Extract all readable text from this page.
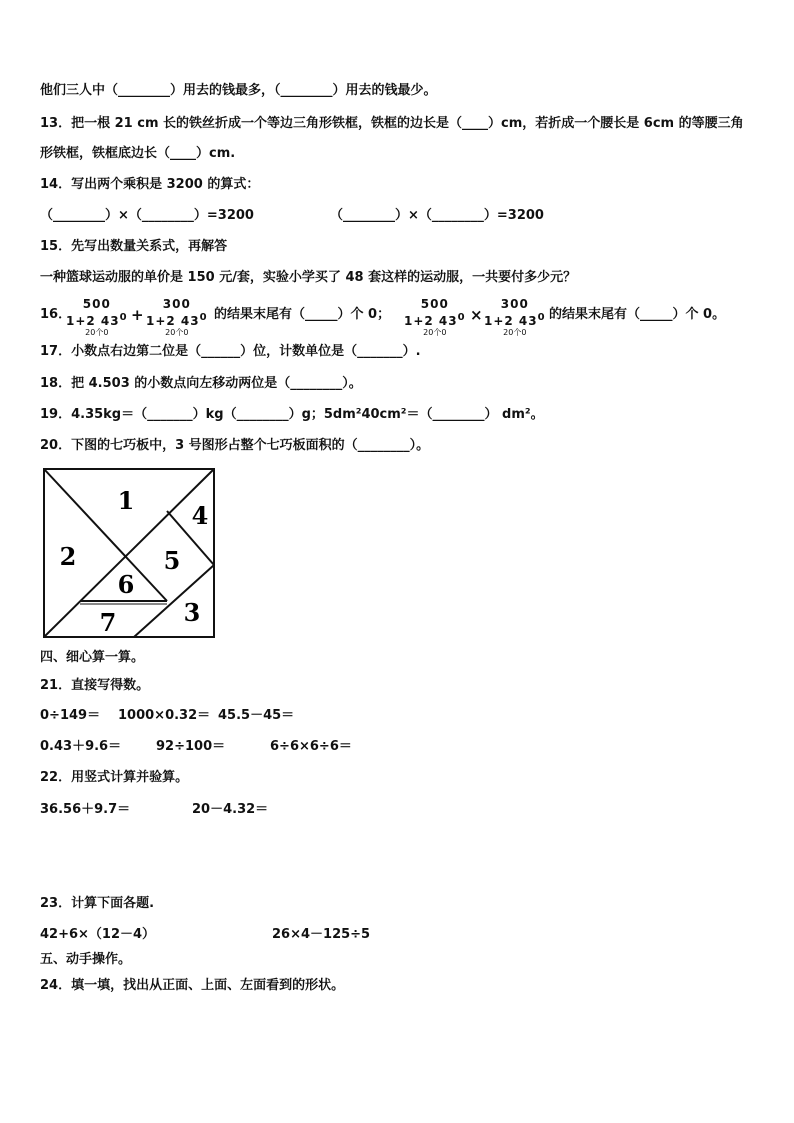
他们三人中（________）用去的钱最多，（________）用去的钱最少。
13．把一根 21 cm 长的铁丝折成一个等边三角形铁框，铁框的边长是（____）cm，若折成一个腰长是 6cm 的等腰三角
形铁框，铁框底边长（____）cm.
14．写出两个乘积是 3200 的算式：
（________）×（________）=3200	（________）×（________）=3200
15．先写出数量关系式，再解答
一种篮球运动服的单价是 150 元/套，实验小学买了 48 套这样的运动服，一共要付多少元？
16．
500
1+2 $43^0$
20个0
+
300
1+2 $43^0$
20个0
的结果末尾有（_____）个 0；
500
1+2 $43^0$
20个0
×
300
1+2 $43^0$
20个0
的结果末尾有（_____）个 0。
17．小数点右边第二位是（______）位，计数单位是（_______）.
18．把 4.503 的小数点向左移动两位是（________）。
19．4.35kg＝（_______）kg（________）g；5dm²40cm²＝（________） dm²。
20．下图的七巧板中，3 号图形占整个七巧板面积的（________）。
1
2
3
4
5
6
7
四、细心算一算。
21．直接写得数。
0÷149＝ 1000×0.32＝ 45.5－45＝
0.43＋9.6＝	92÷100＝	6÷6×6÷6＝
22．用竖式计算并验算。
36.56＋9.7＝	20－4.32＝
23．计算下面各题.
42+6×（12－4）	26×4－125÷5
五、动手操作。
24．填一填，找出从正面、上面、左面看到的形状。
